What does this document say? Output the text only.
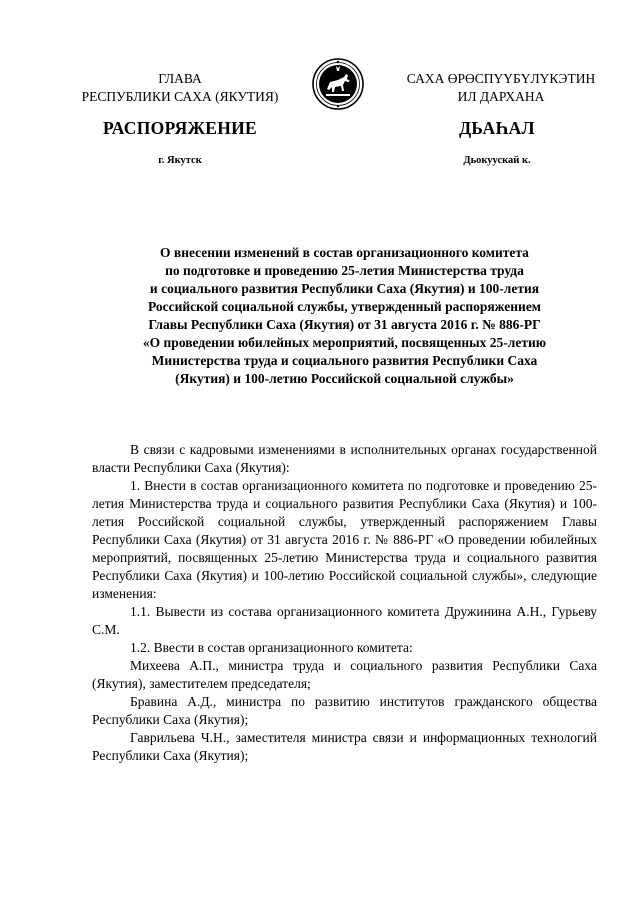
ГЛАВА
РЕСПУБЛИКИ САХА (ЯКУТИЯ)
САХА ӨРӨСПҮҮБҮЛҮКЭТИН
ИЛ ДАРХАНА
РАСПОРЯЖЕНИЕ	ДЬАҺАЛ
г. Якутск	Дьокуускай к.
О внесении изменений в состав организационного комитета
по подготовке и проведению 25-летия Министерства труда
и социального развития Республики Саха (Якутия) и 100-летия
Российской социальной службы, утвержденный распоряжением
Главы Республики Саха (Якутия) от 31 августа 2016 г. № 886-РГ
«О проведении юбилейных мероприятий, посвященных 25-летию
Министерства труда и социального развития Республики Саха
(Якутия) и 100-летию Российской социальной службы»

В связи с кадровыми изменениями в исполнительных органах государственной власти Республики Саха (Якутия):

1. Внести в состав организационного комитета по подготовке и проведению 25-летия Министерства труда и социального развития Республики Саха (Якутия) и 100-летия Российской социальной службы, утвержденный распоряжением Главы Республики Саха (Якутия) от 31 августа 2016 г. № 886-РГ «О проведении юбилейных мероприятий, посвященных 25-летию Министерства труда и социального развития Республики Саха (Якутия) и 100-летию Российской социальной службы», следующие изменения:

1.1. Вывести из состава организационного комитета Дружинина А.Н., Гурьеву С.М.

1.2. Ввести в состав организационного комитета:

Михеева А.П., министра труда и социального развития Республики Саха (Якутия), заместителем председателя;

Бравина А.Д., министра по развитию институтов гражданского общества Республики Саха (Якутия);

Гаврильева Ч.Н., заместителя министра связи и информационных технологий Республики Саха (Якутия);
